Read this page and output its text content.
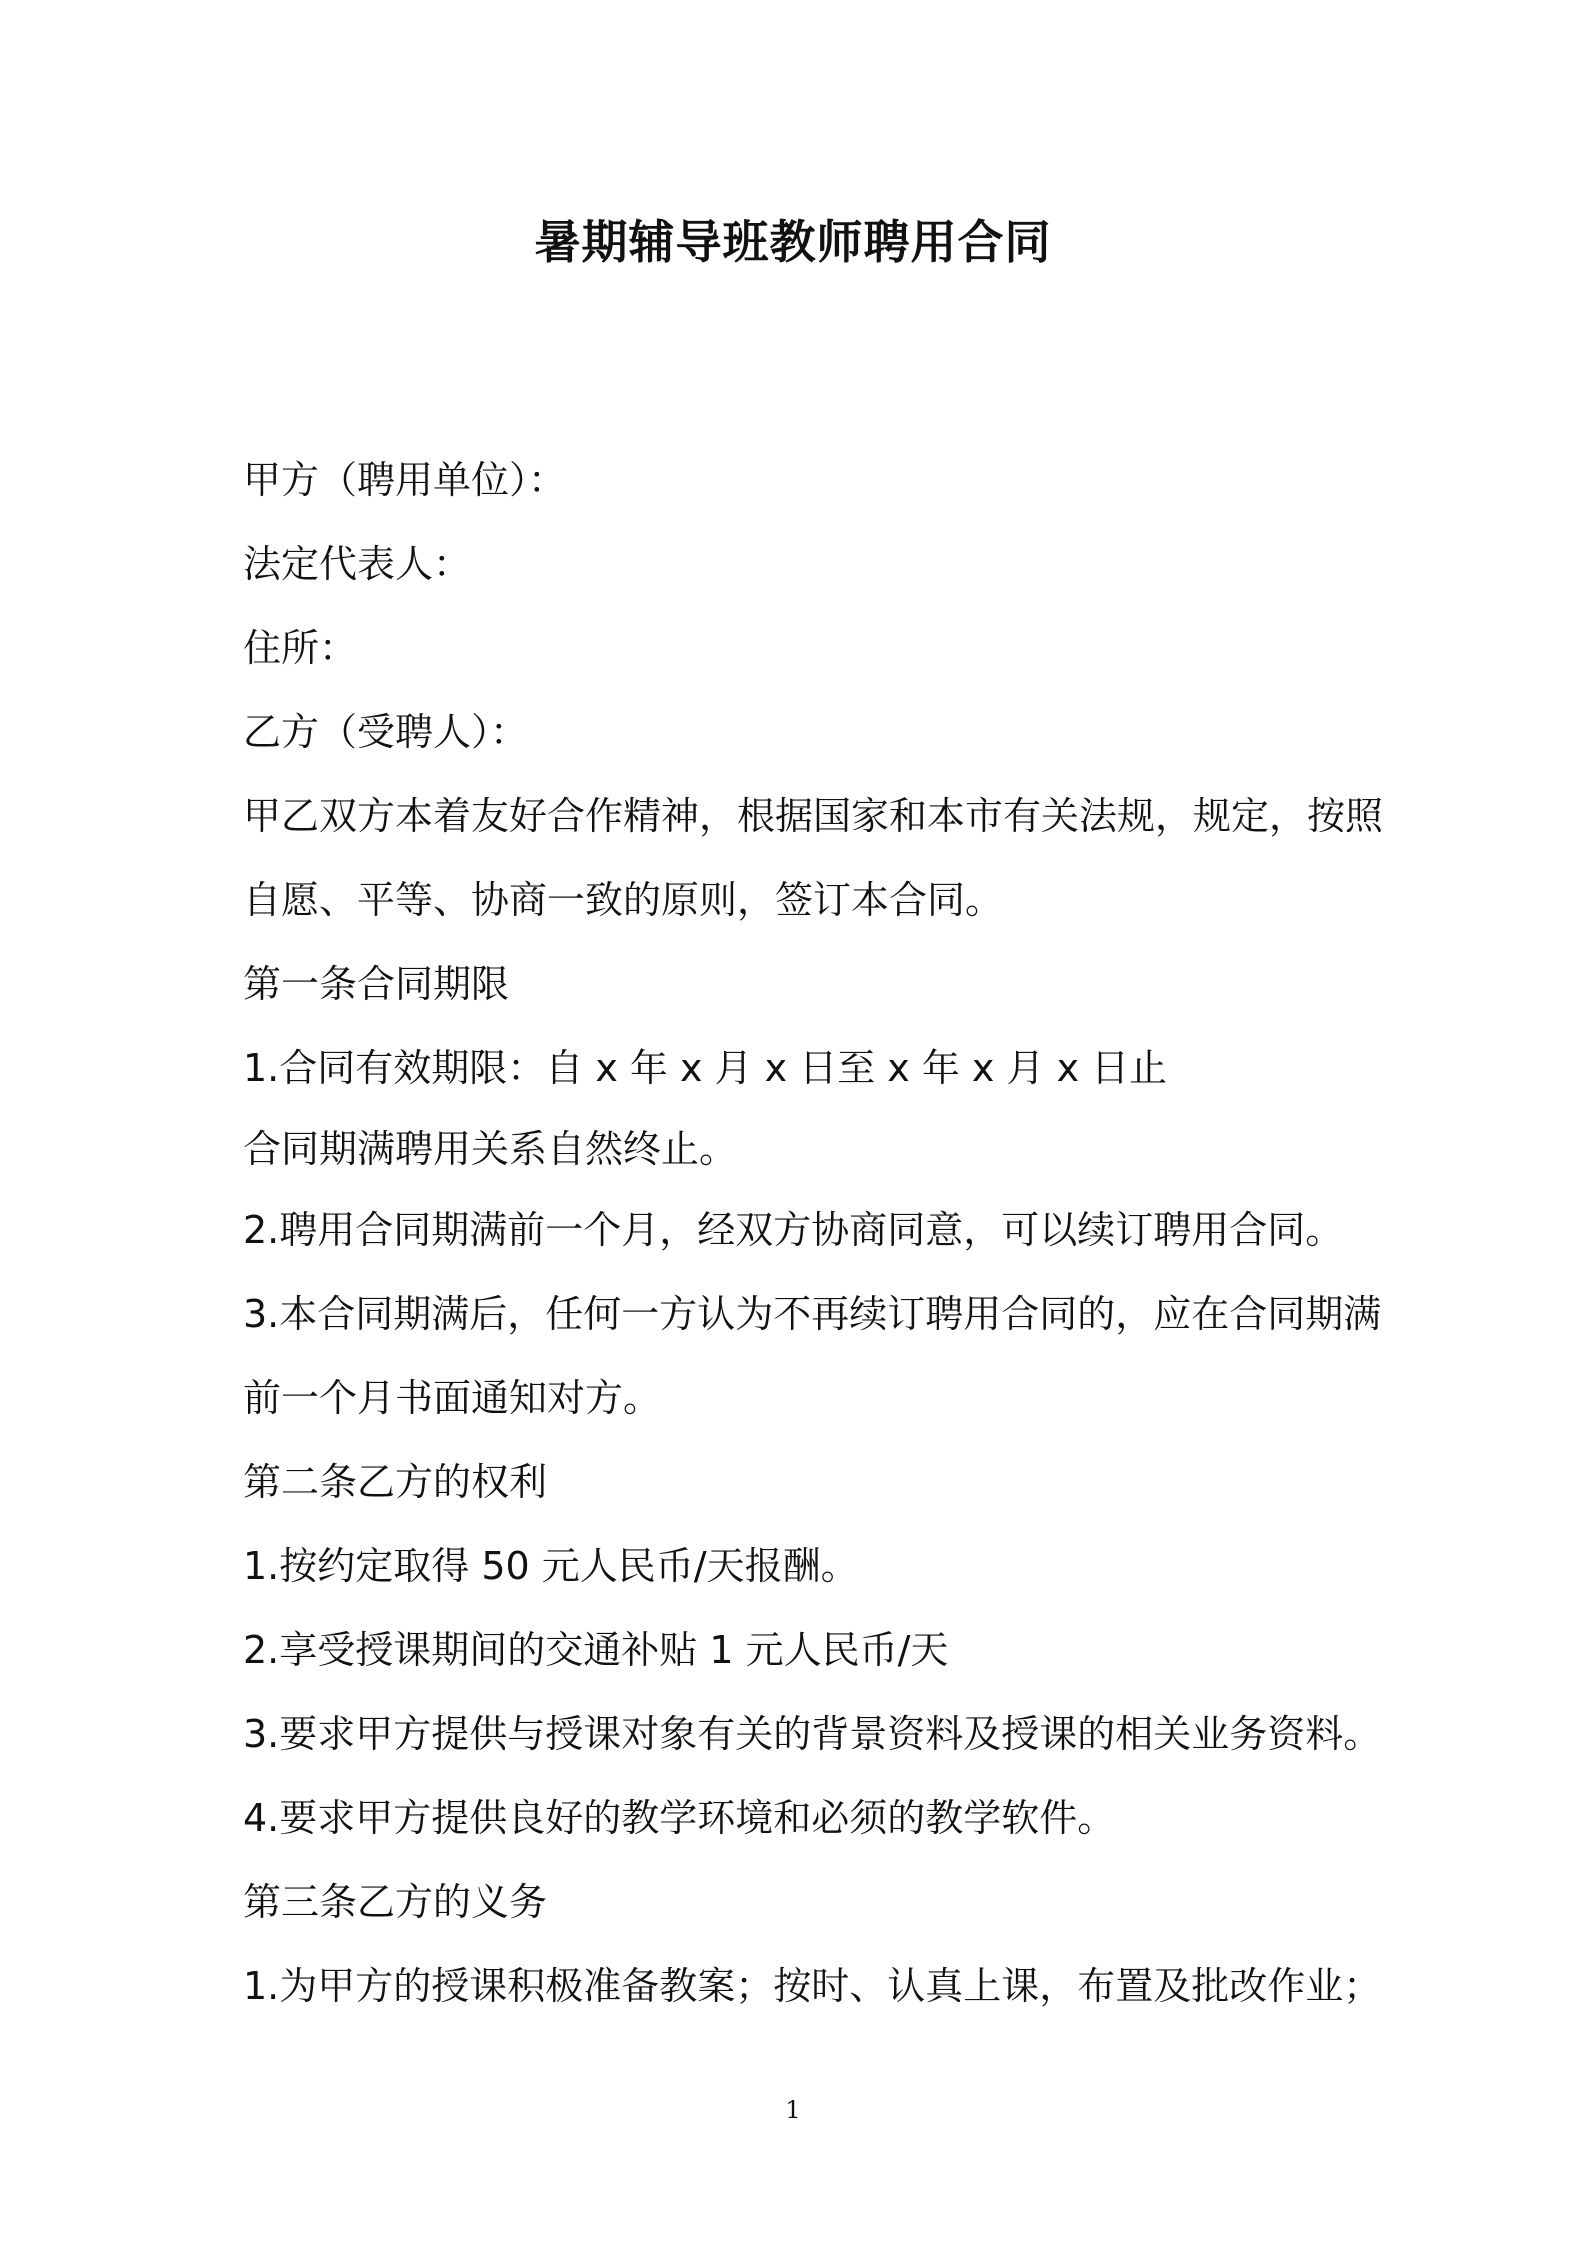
暑期辅导班教师聘用合同
甲方（聘用单位）：
法定代表人：
住所：
乙方（受聘人）：
甲乙双方本着友好合作精神，根据国家和本市有关法规，规定，按照
自愿、平等、协商一致的原则，签订本合同。
第一条合同期限
1.合同有效期限：自 x 年 x 月 x 日至 x 年 x 月 x 日止
合同期满聘用关系自然终止。
2.聘用合同期满前一个月，经双方协商同意，可以续订聘用合同。
3.本合同期满后，任何一方认为不再续订聘用合同的，应在合同期满
前一个月书面通知对方。
第二条乙方的权利
1.按约定取得 50 元人民币/天报酬。
2.享受授课期间的交通补贴 1 元人民币/天
3.要求甲方提供与授课对象有关的背景资料及授课的相关业务资料。
4.要求甲方提供良好的教学环境和必须的教学软件。
第三条乙方的义务
1.为甲方的授课积极准备教案；按时、认真上课，布置及批改作业；
1
